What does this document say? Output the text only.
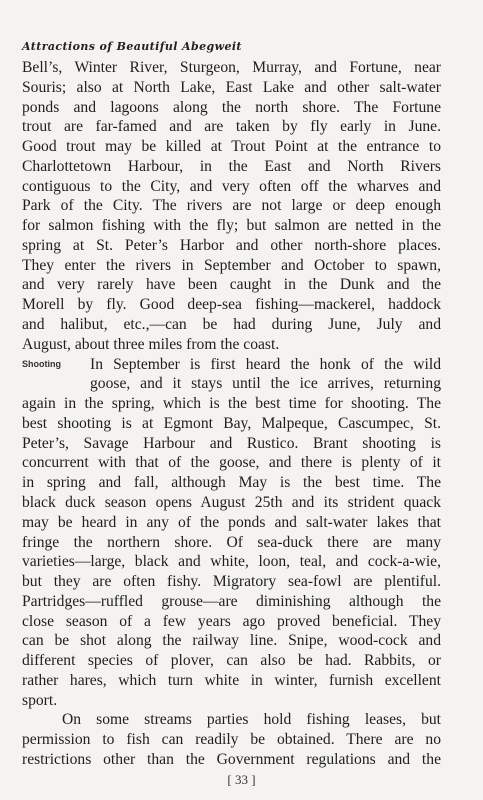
Attractions of Beautiful Abegweit
Bell’s, Winter River, Sturgeon, Murray, and Fortune, near
Souris; also at North Lake, East Lake and other salt-water
ponds and lagoons along the north shore. The Fortune
trout are far-famed and are taken by fly early in June.
Good trout may be killed at Trout Point at the entrance to
Charlottetown Harbour, in the East and North Rivers
contiguous to the City, and very often off the wharves and
Park of the City. The rivers are not large or deep enough
for salmon fishing with the fly; but salmon are netted in the
spring at St. Peter’s Harbor and other north-shore places.
They enter the rivers in September and October to spawn,
and very rarely have been caught in the Dunk and the
Morell by fly. Good deep-sea fishing—mackerel, haddock
and halibut, etc.,—can be had during June, July and
August, about three miles from the coast.
Shooting In September is first heard the honk of the wild
goose, and it stays until the ice arrives, returning
again in the spring, which is the best time for shooting. The
best shooting is at Egmont Bay, Malpeque, Cascumpec, St.
Peter’s, Savage Harbour and Rustico. Brant shooting is
concurrent with that of the goose, and there is plenty of it
in spring and fall, although May is the best time. The
black duck season opens August 25th and its strident quack
may be heard in any of the ponds and salt-water lakes that
fringe the northern shore. Of sea-duck there are many
varieties—large, black and white, loon, teal, and cock-a-wie,
but they are often fishy. Migratory sea-fowl are plentiful.
Partridges—ruffled grouse—are diminishing although the
close season of a few years ago proved beneficial. They
can be shot along the railway line. Snipe, wood-cock and
different species of plover, can also be had. Rabbits, or
rather hares, which turn white in winter, furnish excellent
sport.
On some streams parties hold fishing leases, but
permission to fish can readily be obtained. There are no
restrictions other than the Government regulations and the
[ 33 ]
